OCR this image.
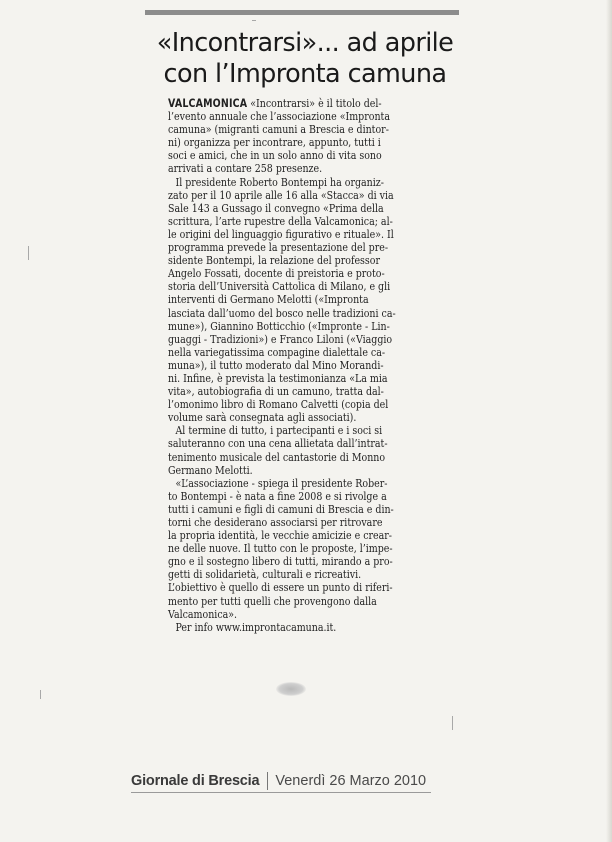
«Incontrarsi»... ad aprile
con l’Impronta camuna
VALCAMONICA «Incontrarsi» è il titolo del-
l’evento annuale che l’associazione «Impronta
camuna» (migranti camuni a Brescia e dintor-
ni) organizza per incontrare, appunto, tutti i
soci e amici, che in un solo anno di vita sono
arrivati a contare 258 presenze.
Il presidente Roberto Bontempi ha organiz-
zato per il 10 aprile alle 16 alla «Stacca» di via
Sale 143 a Gussago il convegno «Prima della
scrittura, l’arte rupestre della Valcamonica; al-
le origini del linguaggio figurativo e rituale». Il
programma prevede la presentazione del pre-
sidente Bontempi, la relazione del professor
Angelo Fossati, docente di preistoria e proto-
storia dell’Università Cattolica di Milano, e gli
interventi di Germano Melotti («Impronta
lasciata dall’uomo del bosco nelle tradizioni ca-
mune»), Giannino Botticchio («Impronte - Lin-
guaggi - Tradizioni») e Franco Liloni («Viaggio
nella variegatissima compagine dialettale ca-
muna»), il tutto moderato dal Mino Morandi-
ni. Infine, è prevista la testimonianza «La mia
vita», autobiografia di un camuno, tratta dal-
l’omonimo libro di Romano Calvetti (copia del
volume sarà consegnata agli associati).
Al termine di tutto, i partecipanti e i soci si
saluteranno con una cena allietata dall’intrat-
tenimento musicale del cantastorie di Monno
Germano Melotti.
«L’associazione - spiega il presidente Rober-
to Bontempi - è nata a fine 2008 e si rivolge a
tutti i camuni e figli di camuni di Brescia e din-
torni che desiderano associarsi per ritrovare
la propria identità, le vecchie amicizie e crear-
ne delle nuove. Il tutto con le proposte, l’impe-
gno e il sostegno libero di tutti, mirando a pro-
getti di solidarietà, culturali e ricreativi.
L’obiettivo è quello di essere un punto di riferi-
mento per tutti quelli che provengono dalla
Valcamonica».
Per info www.improntacamuna.it.
Giornale di Brescia Venerdì 26 Marzo 2010
